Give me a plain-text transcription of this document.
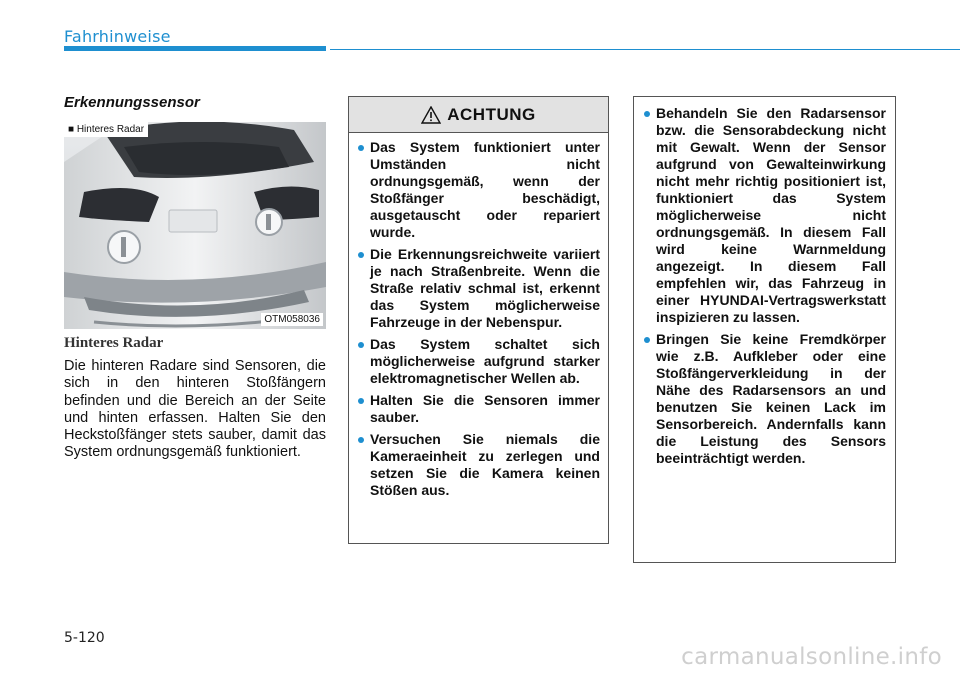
Fahrhinweise
Erkennungssensor
■ Hinteres Radar
OTM058036
Hinteres Radar
Die hinteren Radare sind Sensoren, die sich in den hinteren Stoßfängern befinden und die Bereich an der Seite und hinten erfassen. Halten Sie den Heckstoßfänger stets sauber, damit das System ordnungsgemäß funktioniert.
ACHTUNG
Das System funktioniert unter Umständen nicht ordnungsgemäß, wenn der Stoßfänger beschädigt, ausgetauscht oder repariert wurde.
Die Erkennungsreichweite variiert je nach Straßenbreite. Wenn die Straße relativ schmal ist, erkennt das System möglicherweise Fahrzeuge in der Nebenspur.
Das System schaltet sich möglicherweise aufgrund starker elektromagnetischer Wellen ab.
Halten Sie die Sensoren immer sauber.
Versuchen Sie niemals die Kameraeinheit zu zerlegen und setzen Sie die Kamera keinen Stößen aus.
Behandeln Sie den Radarsensor bzw. die Sensorabdeckung nicht mit Gewalt. Wenn der Sensor aufgrund von Gewalteinwirkung nicht mehr richtig positioniert ist, funktioniert das System möglicherweise nicht ordnungsgemäß. In diesem Fall wird keine Warnmeldung angezeigt. In diesem Fall empfehlen wir, das Fahrzeug in einer HYUNDAI-Vertragswerkstatt inspizieren zu lassen.
Bringen Sie keine Fremdkörper wie z.B. Aufkleber oder eine Stoßfängerverkleidung in der Nähe des Radarsensors an und benutzen Sie keinen Lack im Sensorbereich. Andernfalls kann die Leistung des Sensors beeinträchtigt werden.
5-120
carmanualsonline.info
